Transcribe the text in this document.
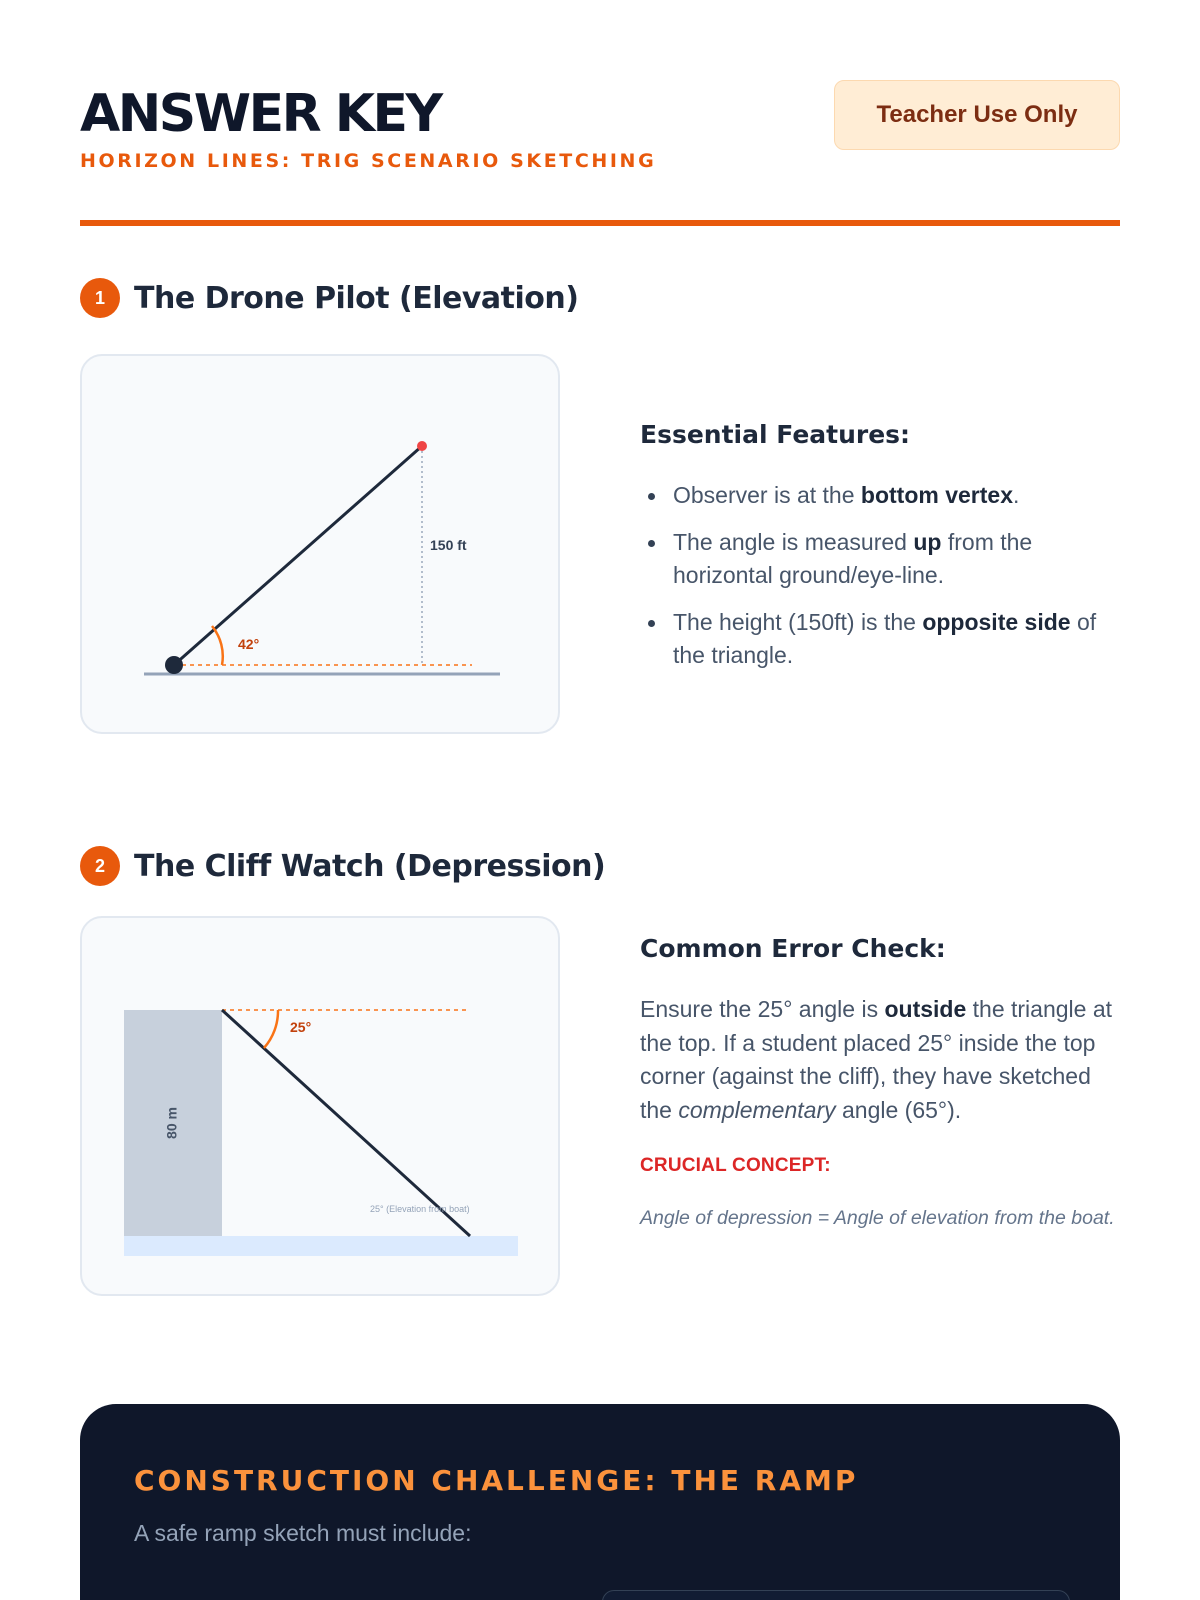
ANSWER KEY
HORIZON LINES: TRIG SCENARIO SKETCHING
Teacher Use Only
1 The Drone Pilot (Elevation)
150 ft
42°
Essential Features:
Observer is at the bottom vertex.
The angle is measured up from the horizontal ground/eye-line.
The height (150ft) is the opposite side of the triangle.
2 The Cliff Watch (Depression)
25°
80 m
25° (Elevation from boat)
Common Error Check:

Ensure the 25° angle is outside the triangle at the top. If a student placed 25° inside the top corner (against the cliff), they have sketched the complementary angle (65°).

CRUCIAL CONCEPT:
Angle of depression = Angle of elevation from the boat.
CONSTRUCTION CHALLENGE: THE RAMP
A safe ramp sketch must include:
